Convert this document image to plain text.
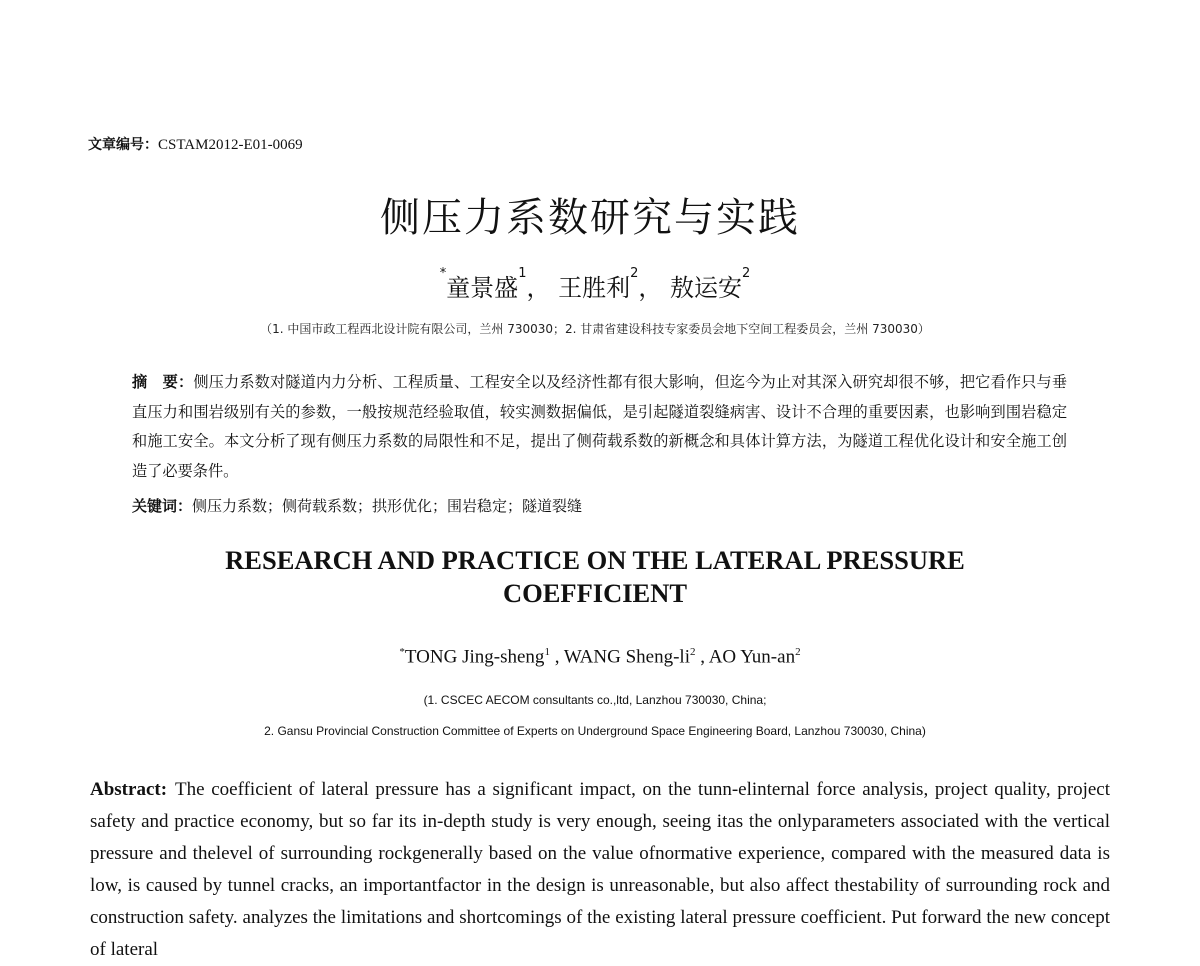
文章编号：CSTAM2012-E01-0069
侧压力系数研究与实践
*童景盛$^1$， 王胜利$^2$， 敖运安$^2$
（1. 中国市政工程西北设计院有限公司，兰州 730030；2. 甘肃省建设科技专家委员会地下空间工程委员会，兰州 730030）
摘　要：侧压力系数对隧道内力分析、工程质量、工程安全以及经济性都有很大影响，但迄今为止对其深入研究却很不够，把它看作只与垂直压力和围岩级别有关的参数，一般按规范经验取值，较实测数据偏低，是引起隧道裂缝病害、设计不合理的重要因素，也影响到围岩稳定和施工安全。本文分析了现有侧压力系数的局限性和不足，提出了侧荷载系数的新概念和具体计算方法，为隧道工程优化设计和安全施工创造了必要条件。
关键词：侧压力系数；侧荷载系数；拱形优化；围岩稳定；隧道裂缝
RESEARCH AND PRACTICE ON THE LATERAL PRESSURE
COEFFICIENT
*TONG Jing-sheng$^1$ , WANG Sheng-$li^2$ , AO Yun-$an^2$
(1. CSCEC AECOM consultants co.,ltd, Lanzhou 730030, China;
2. Gansu Provincial Construction Committee of Experts on Underground Space Engineering Board, Lanzhou 730030, China)
Abstract: The coefficient of lateral pressure has a significant impact, on the tunn-elinternal force analysis, project quality, project safety and practice economy, but so far its in-depth study is very enough, seeing itas the onlyparameters associated with the vertical pressure and thelevel of surrounding rockgenerally based on the value ofnormative experience, compared with the measured data is low, is caused by tunnel cracks, an importantfactor in the design is unreasonable, but also affect thestability of surrounding rock and construction safety. analyzes the limitations and shortcomings of the existing lateral pressure coefficient. Put forward the new concept of lateral
